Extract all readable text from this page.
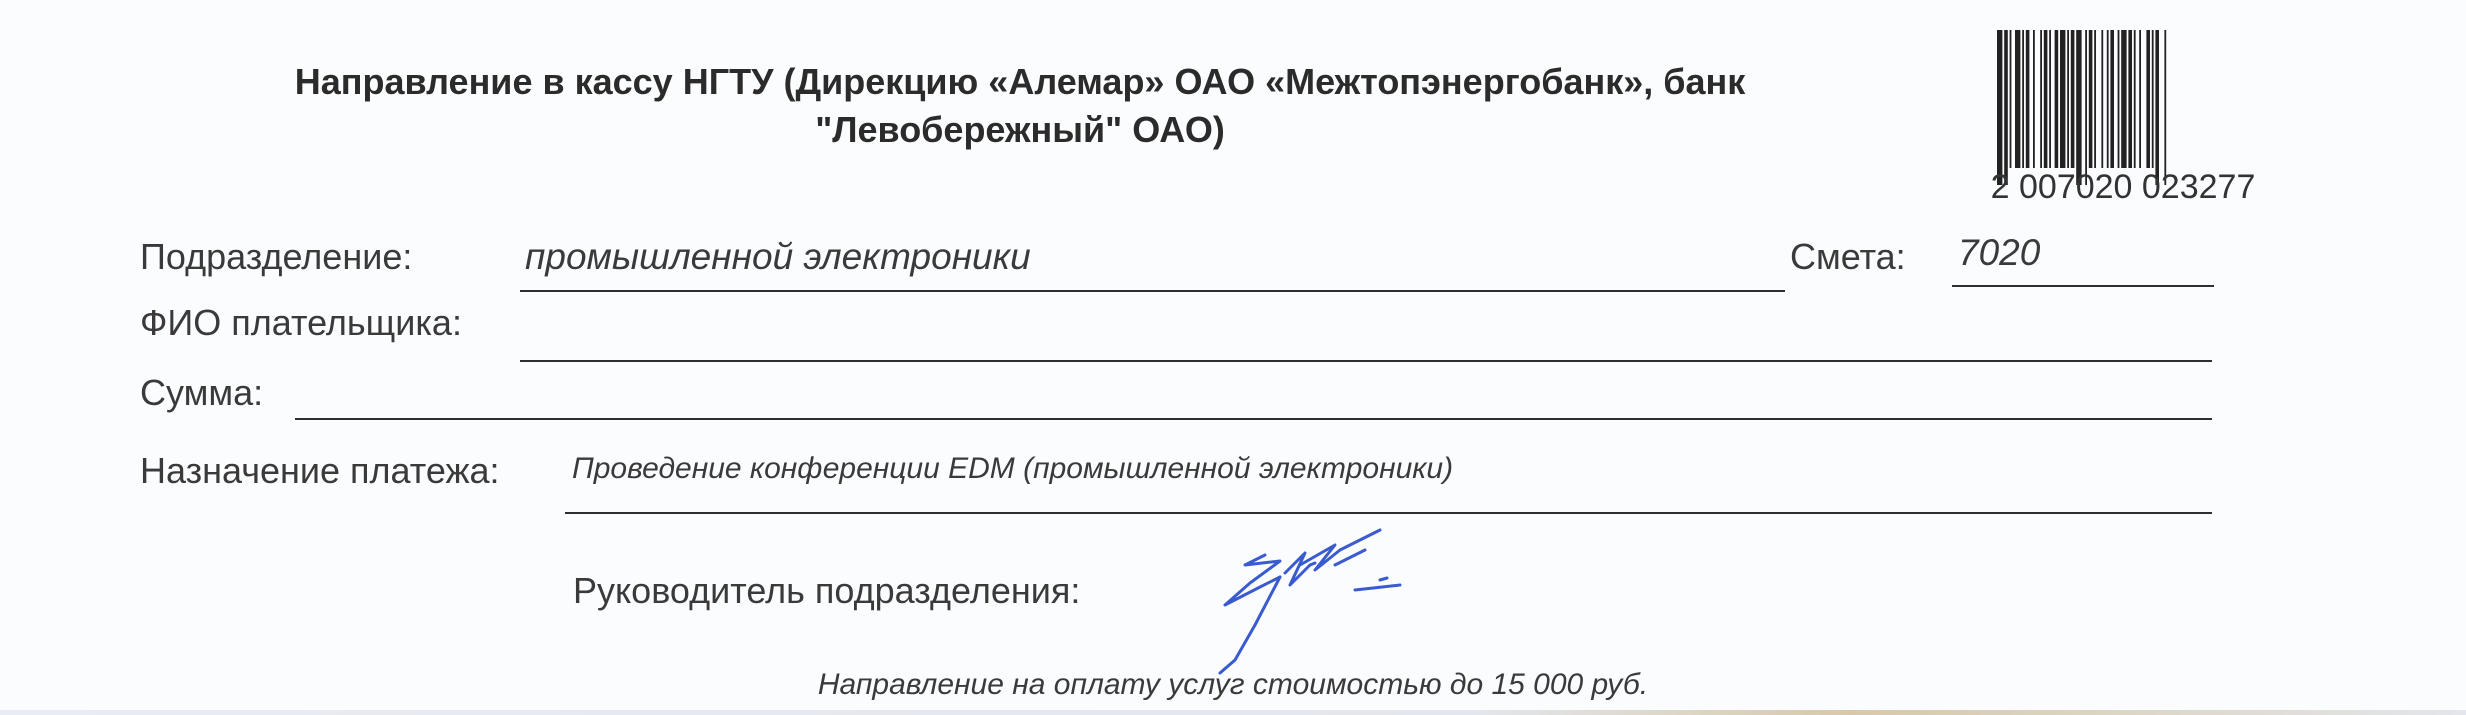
Направление в кассу НГТУ (Дирекцию «Алемар» ОАО «Межтопэнергобанк», банк
"Левобережный" ОАО)
2 007020 023277
Подразделение:	промышленной электроники	Смета: 7020
ФИО плательщика:
Сумма:
Назначение платежа: Проведение конференции EDM (промышленной электроники)
Руководитель подразделения:
Направление на оплату услуг стоимостью до 15 000 руб.
